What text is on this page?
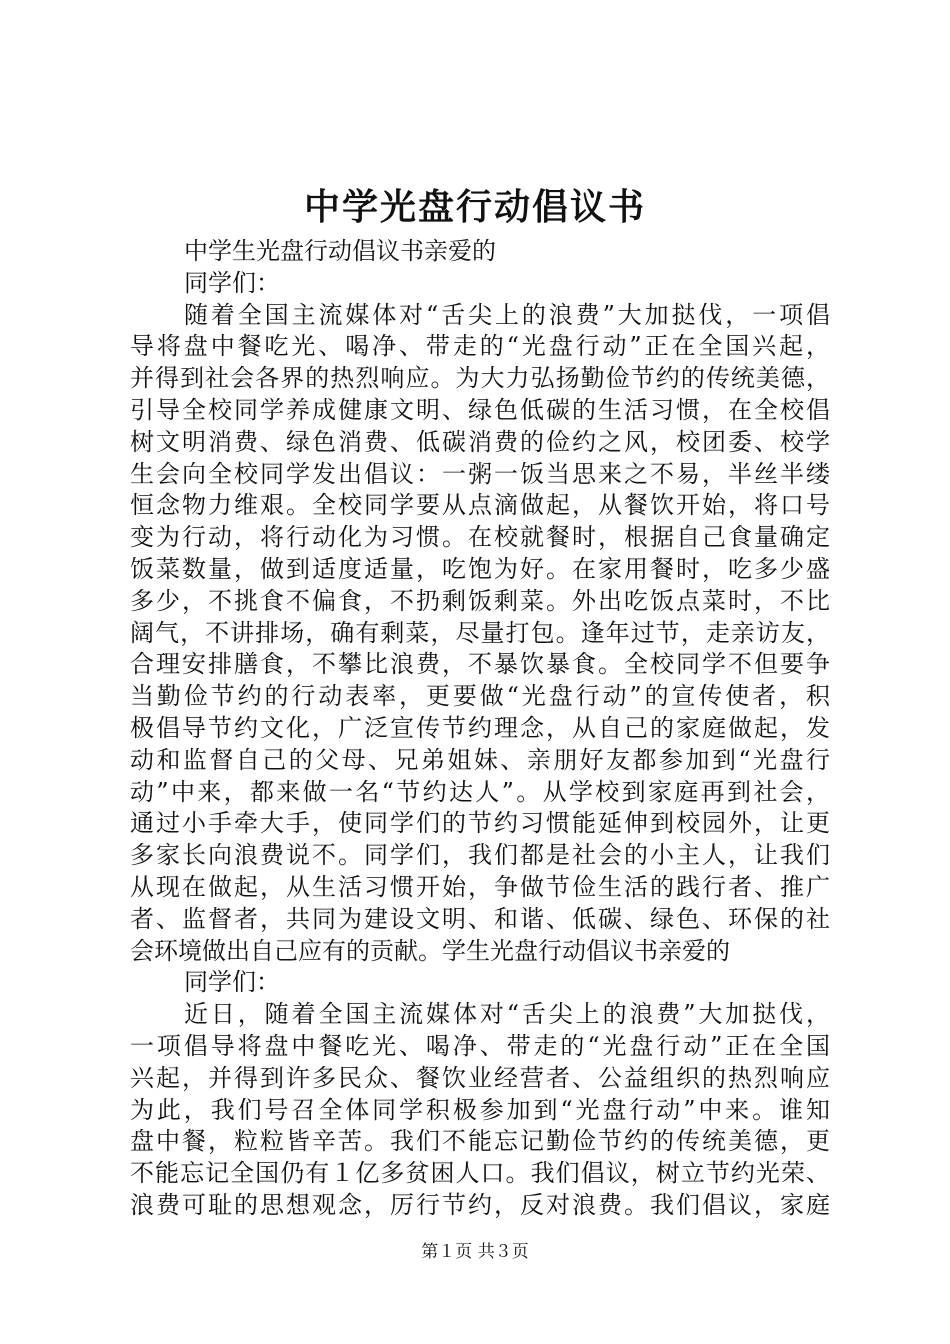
中学光盘行动倡议书
中学生光盘行动倡议书亲爱的
同学们：
随着全国主流媒体对“舌尖上的浪费”大加挞伐，一项倡
导将盘中餐吃光、喝净、带走的“光盘行动”正在全国兴起，
并得到社会各界的热烈响应。为大力弘扬勤俭节约的传统美德，
引导全校同学养成健康文明、绿色低碳的生活习惯，在全校倡
树文明消费、绿色消费、低碳消费的俭约之风，校团委、校学
生会向全校同学发出倡议：一粥一饭当思来之不易，半丝半缕
恒念物力维艰。全校同学要从点滴做起，从餐饮开始，将口号
变为行动，将行动化为习惯。在校就餐时，根据自己食量确定
饭菜数量，做到适度适量，吃饱为好。在家用餐时，吃多少盛
多少，不挑食不偏食，不扔剩饭剩菜。外出吃饭点菜时，不比
阔气，不讲排场，确有剩菜，尽量打包。逢年过节，走亲访友，
合理安排膳食，不攀比浪费，不暴饮暴食。全校同学不但要争
当勤俭节约的行动表率，更要做“光盘行动”的宣传使者，积
极倡导节约文化，广泛宣传节约理念，从自己的家庭做起，发
动和监督自己的父母、兄弟姐妹、亲朋好友都参加到“光盘行
动”中来，都来做一名“节约达人”。从学校到家庭再到社会，
通过小手牵大手，使同学们的节约习惯能延伸到校园外，让更
多家长向浪费说不。同学们，我们都是社会的小主人，让我们
从现在做起，从生活习惯开始，争做节俭生活的践行者、推广
者、监督者，共同为建设文明、和谐、低碳、绿色、环保的社
会环境做出自己应有的贡献。学生光盘行动倡议书亲爱的
同学们：
近日，随着全国主流媒体对“舌尖上的浪费”大加挞伐，
一项倡导将盘中餐吃光、喝净、带走的“光盘行动”正在全国
兴起，并得到许多民众、餐饮业经营者、公益组织的热烈响应
为此，我们号召全体同学积极参加到“光盘行动”中来。谁知
盘中餐，粒粒皆辛苦。我们不能忘记勤俭节约的传统美德，更
不能忘记全国仍有１亿多贫困人口。我们倡议，树立节约光荣、
浪费可耻的思想观念，厉行节约，反对浪费。我们倡议，家庭
第１页 共３页
